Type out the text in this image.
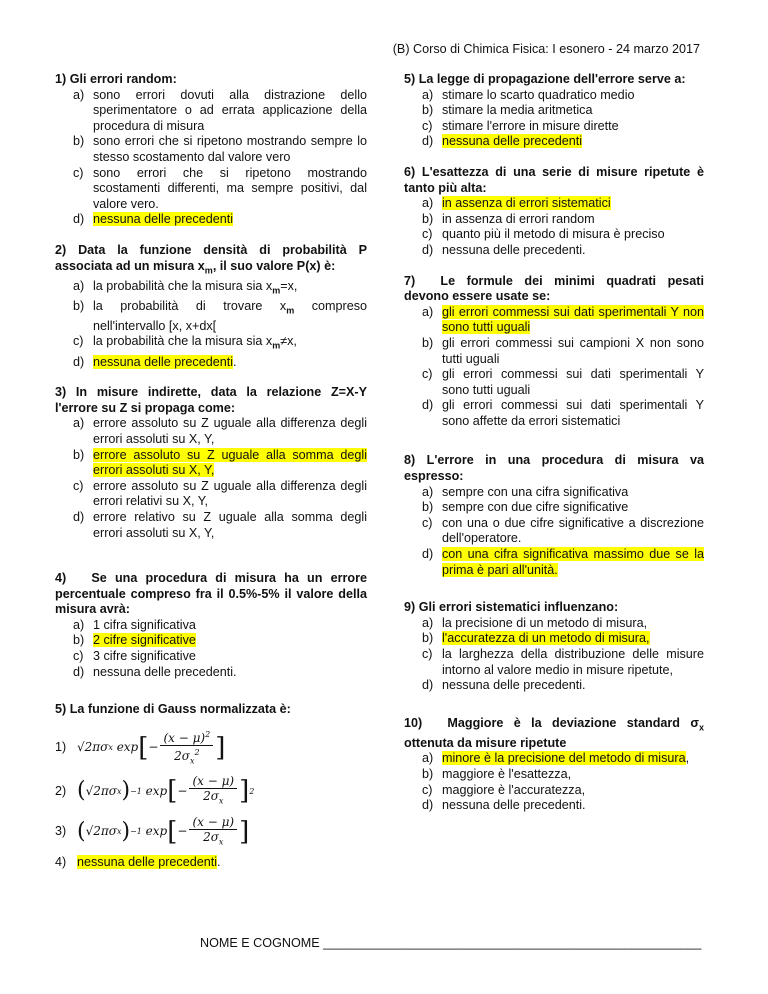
(B) Corso di Chimica Fisica: I esonero - 24 marzo 2017
1) Gli errori random:
a) sono errori dovuti alla distrazione dello sperimentatore o ad errata applicazione della procedura di misura
b) sono errori che si ripetono mostrando sempre lo stesso scostamento dal valore vero
c) sono errori che si ripetono mostrando scostamenti differenti, ma sempre positivi, dal valore vero.
d) nessuna delle precedenti
2) Data la funzione densità di probabilità P associata ad un misura $x_m$, il suo valore P(x) è:
a) la probabilità che la misura sia $x_m=x$,
b) la probabilità di trovare $x_m$ compreso nell'intervallo [x, x+dx[
c) la probabilità che la misura sia $x_m\ne x$,
d) nessuna delle precedenti.
3) In misure indirette, data la relazione Z=X-Y l'errore su Z si propaga come:
a) errore assoluto su Z uguale alla differenza degli errori assoluti su X, Y,
b) errore assoluto su Z uguale alla somma degli errori assoluti su X, Y,
c) errore assoluto su Z uguale alla differenza degli errori relativi su X, Y,
d) errore relativo su Z uguale alla somma degli errori assoluti su X, Y,
4)  Se una procedura di misura ha un errore percentuale compreso fra il 0.5%-5% il valore della misura avrà:
a) 1 cifra significativa
b) 2 cifre significative
c) 3 cifre significative
d) nessuna delle precedenti.
5) La funzione di Gauss normalizzata è:
1) √2πσ x exp [ − $\frac{(x - \mu)^2}{2\sigma_x^2}$ ]
2) ( √2πσ x ) −1 exp [ − $\frac{(x - \mu)}{2\sigma_x}$ ] 2
3) ( √2πσ x ) −1 exp [ − $\frac{(x - \mu)}{2\sigma_x}$ ]
4) nessuna delle precedenti.
5) La legge di propagazione dell'errore serve a:
a) stimare lo scarto quadratico medio
b) stimare la media aritmetica
c) stimare l'errore in misure dirette
d) nessuna delle precedenti
6) L'esattezza di una serie di misure ripetute è tanto più alta:
a) in assenza di errori sistematici
b) in assenza di errori random
c) quanto più il metodo di misura è preciso
d) nessuna delle precedenti.
7)  Le formule dei minimi quadrati pesati devono essere usate se:
a) gli errori commessi sui dati sperimentali Y non sono tutti uguali
b) gli errori commessi sui campioni X non sono tutti uguali
c) gli errori commessi sui dati sperimentali Y sono tutti uguali
d) gli errori commessi sui dati sperimentali Y sono affette da errori sistematici
8) L'errore in una procedura di misura va espresso:
a) sempre con una cifra significativa
b) sempre con due cifre significative
c) con una o due cifre significative a discrezione dell'operatore.
d) con una cifra significativa massimo due se la prima è pari all'unità.
9) Gli errori sistematici influenzano:
a) la precisione di un metodo di misura,
b) l'accuratezza di un metodo di misura,
c) la larghezza della distribuzione delle misure intorno al valore medio in misure ripetute,
d) nessuna delle precedenti.
10)  Maggiore è la deviazione standard $\sigma_x$ ottenuta da misure ripetute
a) minore è la precisione del metodo di misura,
b) maggiore è l'esattezza,
c) maggiore è l'accuratezza,
d) nessuna delle precedenti.
NOME E COGNOME ______________________________________________________
